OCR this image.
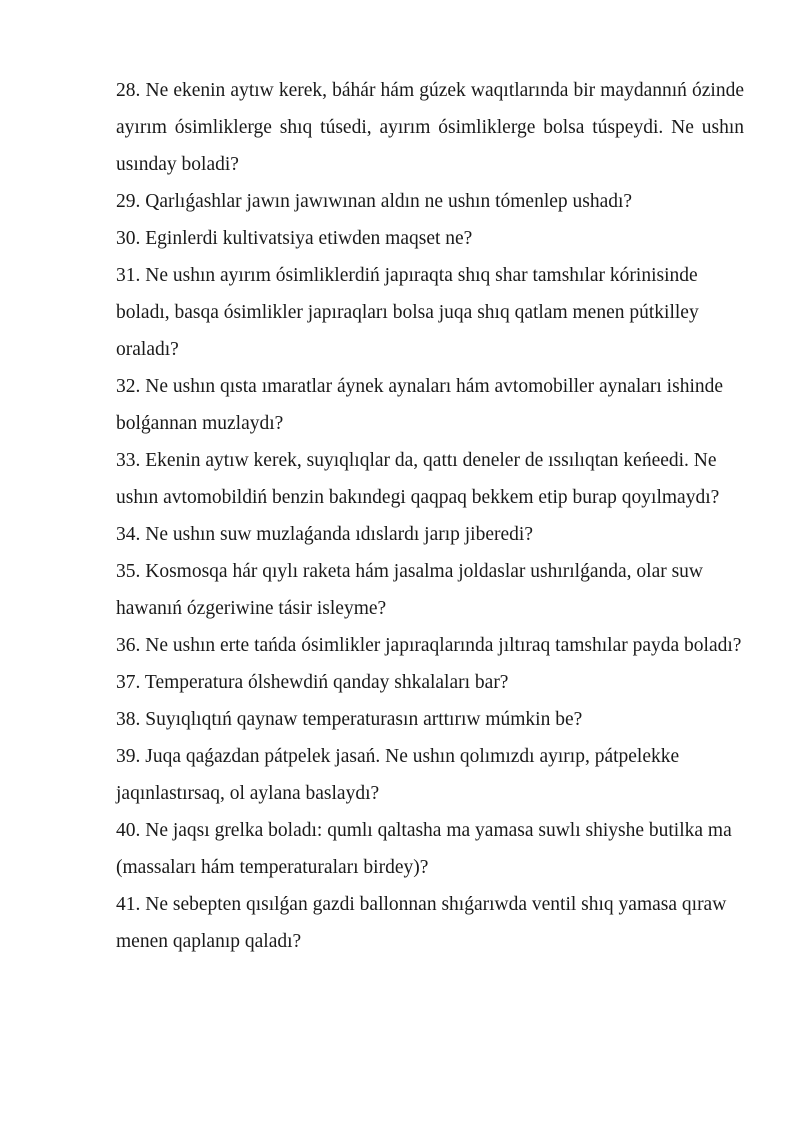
28. Ne ekenin aytıw kerek, báhár hám gúzek waqıtlarında bir maydannıń ózinde ayırım ósimliklerge shıq túsedi, ayırım ósimliklerge bolsa túspeydi. Ne ushın usınday boladi?

29. Qarlıǵashlar jawın jawıwınan aldın ne ushın tómenlep ushadı?

30. Eginlerdi kultivatsiya etiwden maqset ne?

31. Ne ushın ayırım ósimliklerdiń japıraqta shıq shar tamshılar kórinisinde boladı, basqa ósimlikler japıraqları bolsa juqa shıq qatlam menen pútkilley oraladı?

32. Ne ushın qısta ımaratlar áynek aynaları hám avtomobiller aynaları ishinde bolǵannan muzlaydı?

33. Ekenin aytıw kerek, suyıqlıqlar da, qattı deneler de ıssılıqtan keńeedi. Ne ushın avtomobildiń benzin bakındegi qaqpaq bekkem etip burap qoyılmaydı?

34. Ne ushın suw muzlaǵanda ıdıslardı jarıp jiberedi?

35. Kosmosqa hár qıylı raketa hám jasalma joldaslar ushırılǵanda, olar suw hawanıń ózgeriwine tásir isleyme?

36. Ne ushın erte tańda ósimlikler japıraqlarında jıltıraq tamshılar payda boladı?

37. Temperatura ólshewdiń qanday shkalaları bar?

38. Suyıqlıqtıń qaynaw temperaturasın arttırıw múmkin be?

39. Juqa qaǵazdan pátpelek jasań. Ne ushın qolımızdı ayırıp, pátpelekke jaqınlastırsaq, ol aylana baslaydı?

40. Ne jaqsı grelka boladı: qumlı qaltasha ma yamasa suwlı shiyshe butilka ma (massaları hám temperaturaları birdey)?

41. Ne sebepten qısılǵan gazdi ballonnan shıǵarıwda ventil shıq yamasa qıraw menen qaplanıp qaladı?
